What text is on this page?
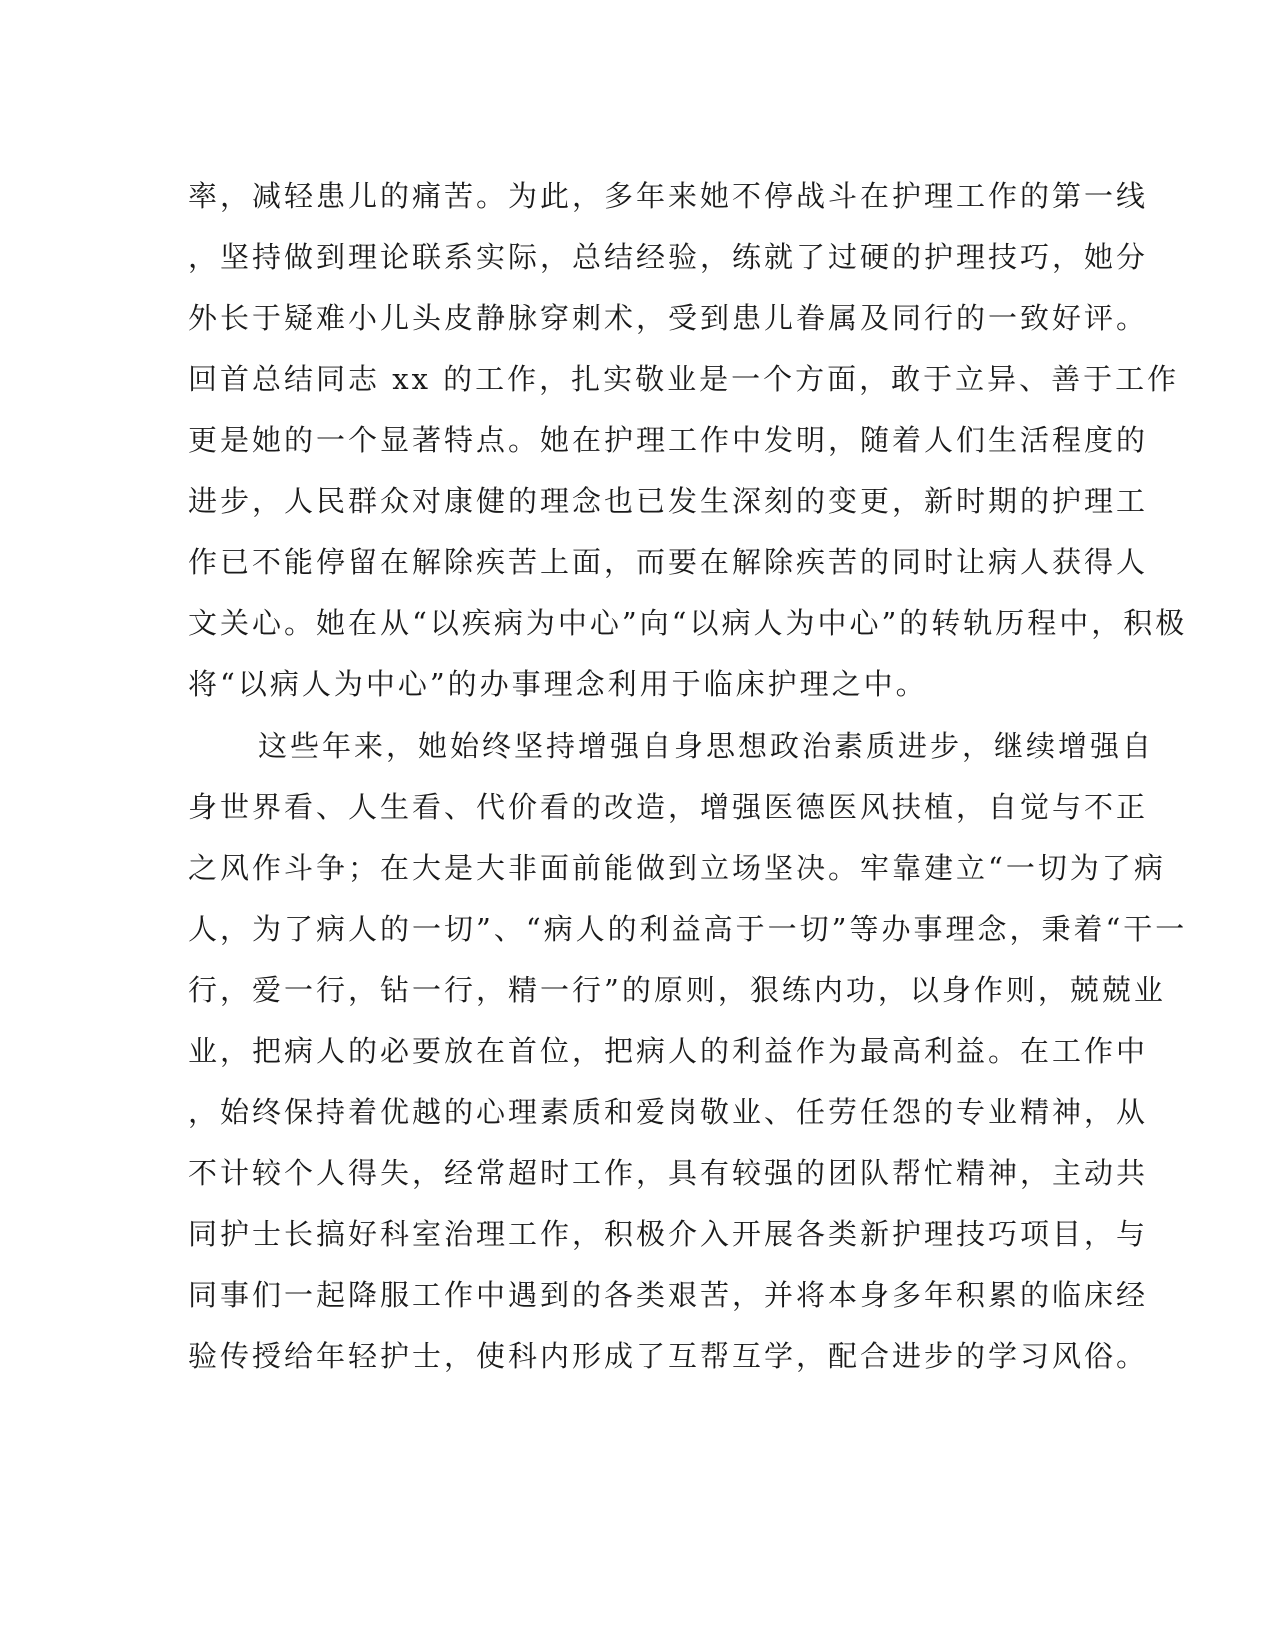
率，减轻患儿的痛苦。为此，多年来她不停战斗在护理工作的第一线
，坚持做到理论联系实际，总结经验，练就了过硬的护理技巧，她分
外长于疑难小儿头皮静脉穿刺术，受到患儿眷属及同行的一致好评。
回首总结同志 xx 的工作，扎实敬业是一个方面，敢于立异、善于工作
更是她的一个显著特点。她在护理工作中发明，随着人们生活程度的
进步，人民群众对康健的理念也已发生深刻的变更，新时期的护理工
作已不能停留在解除疾苦上面，而要在解除疾苦的同时让病人获得人
文关心。她在从“以疾病为中心”向“以病人为中心”的转轨历程中，积极
将“以病人为中心”的办事理念利用于临床护理之中。
这些年来，她始终坚持增强自身思想政治素质进步，继续增强自
身世界看、人生看、代价看的改造，增强医德医风扶植，自觉与不正
之风作斗争；在大是大非面前能做到立场坚决。牢靠建立“一切为了病
人，为了病人的一切”、“病人的利益高于一切”等办事理念，秉着“干一
行，爱一行，钻一行，精一行”的原则，狠练内功，以身作则，兢兢业
业，把病人的必要放在首位，把病人的利益作为最高利益。在工作中
，始终保持着优越的心理素质和爱岗敬业、任劳任怨的专业精神，从
不计较个人得失，经常超时工作，具有较强的团队帮忙精神，主动共
同护士长搞好科室治理工作，积极介入开展各类新护理技巧项目，与
同事们一起降服工作中遇到的各类艰苦，并将本身多年积累的临床经
验传授给年轻护士，使科内形成了互帮互学，配合进步的学习风俗。
